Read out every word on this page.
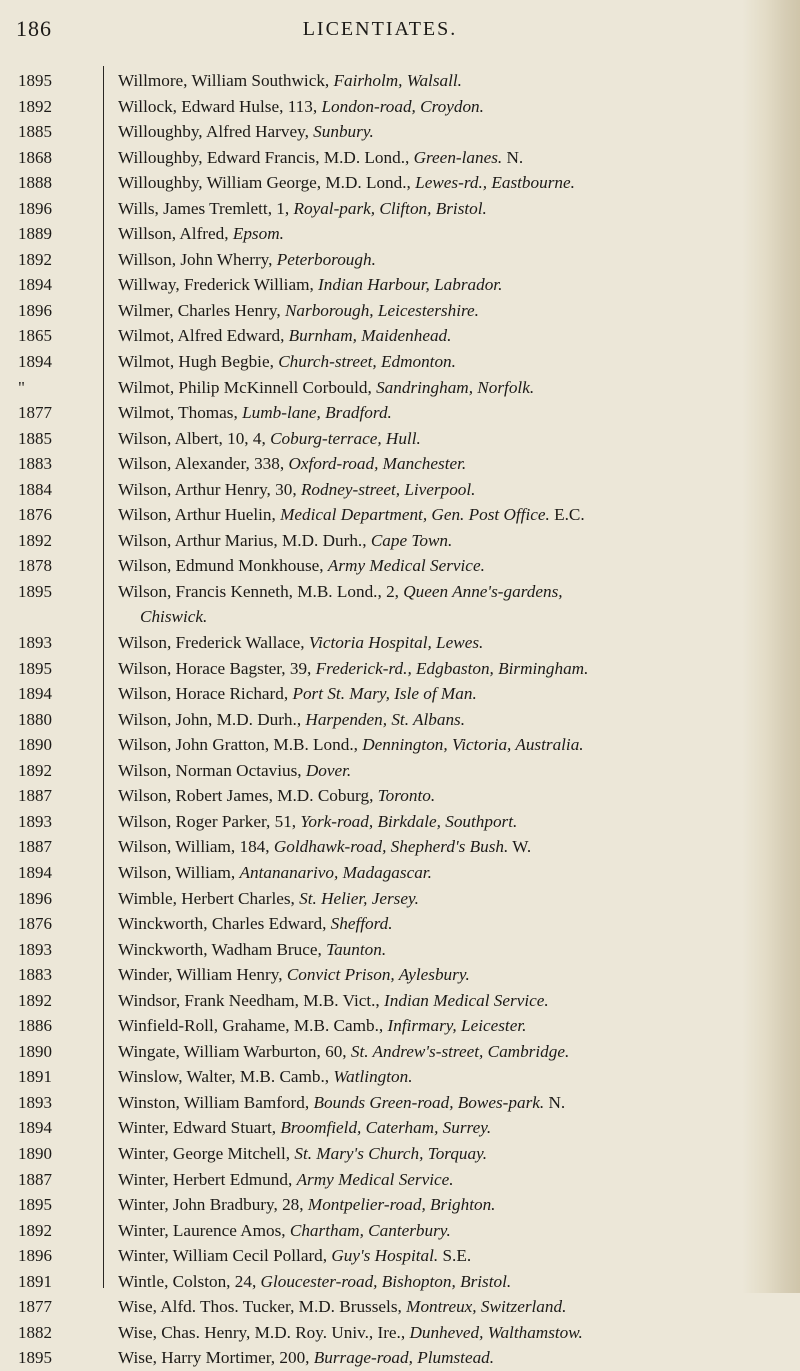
186	LICENTIATES.
1895	Willmore, William Southwick, Fairholm, Walsall.
1892	Willock, Edward Hulse, 113, London-road, Croydon.
1885	Willoughby, Alfred Harvey, Sunbury.
1868	Willoughby, Edward Francis, M.D. Lond., Green-lanes. N.
1888	Willoughby, William George, M.D. Lond., Lewes-rd., Eastbourne.
1896	Wills, James Tremlett, 1, Royal-park, Clifton, Bristol.
1889	Willson, Alfred, Epsom.
1892	Willson, John Wherry, Peterborough.
1894	Willway, Frederick William, Indian Harbour, Labrador.
1896	Wilmer, Charles Henry, Narborough, Leicestershire.
1865	Wilmot, Alfred Edward, Burnham, Maidenhead.
1894	Wilmot, Hugh Begbie, Church-street, Edmonton.
"	Wilmot, Philip McKinnell Corbould, Sandringham, Norfolk.
1877	Wilmot, Thomas, Lumb-lane, Bradford.
1885	Wilson, Albert, 10, 4, Coburg-terrace, Hull.
1883	Wilson, Alexander, 338, Oxford-road, Manchester.
1884	Wilson, Arthur Henry, 30, Rodney-street, Liverpool.
1876	Wilson, Arthur Huelin, Medical Department, Gen. Post Office. E.C.
1892	Wilson, Arthur Marius, M.D. Durh., Cape Town.
1878	Wilson, Edmund Monkhouse, Army Medical Service.
1895	Wilson, Francis Kenneth, M.B. Lond., 2, Queen Anne's-gardens,
Chiswick.
1893	Wilson, Frederick Wallace, Victoria Hospital, Lewes.
1895	Wilson, Horace Bagster, 39, Frederick-rd., Edgbaston, Birmingham.
1894	Wilson, Horace Richard, Port St. Mary, Isle of Man.
1880	Wilson, John, M.D. Durh., Harpenden, St. Albans.
1890	Wilson, John Gratton, M.B. Lond., Dennington, Victoria, Australia.
1892	Wilson, Norman Octavius, Dover.
1887	Wilson, Robert James, M.D. Coburg, Toronto.
1893	Wilson, Roger Parker, 51, York-road, Birkdale, Southport.
1887	Wilson, William, 184, Goldhawk-road, Shepherd's Bush. W.
1894	Wilson, William, Antananarivo, Madagascar.
1896	Wimble, Herbert Charles, St. Helier, Jersey.
1876	Winckworth, Charles Edward, Shefford.
1893	Winckworth, Wadham Bruce, Taunton.
1883	Winder, William Henry, Convict Prison, Aylesbury.
1892	Windsor, Frank Needham, M.B. Vict., Indian Medical Service.
1886	Winfield-Roll, Grahame, M.B. Camb., Infirmary, Leicester.
1890	Wingate, William Warburton, 60, St. Andrew's-street, Cambridge.
1891	Winslow, Walter, M.B. Camb., Watlington.
1893	Winston, William Bamford, Bounds Green-road, Bowes-park. N.
1894	Winter, Edward Stuart, Broomfield, Caterham, Surrey.
1890	Winter, George Mitchell, St. Mary's Church, Torquay.
1887	Winter, Herbert Edmund, Army Medical Service.
1895	Winter, John Bradbury, 28, Montpelier-road, Brighton.
1892	Winter, Laurence Amos, Chartham, Canterbury.
1896	Winter, William Cecil Pollard, Guy's Hospital. S.E.
1891	Wintle, Colston, 24, Gloucester-road, Bishopton, Bristol.
1877	Wise, Alfd. Thos. Tucker, M.D. Brussels, Montreux, Switzerland.
1882	Wise, Chas. Henry, M.D. Roy. Univ., Ire., Dunheved, Walthamstow.
1895	Wise, Harry Mortimer, 200, Burrage-road, Plumstead.
